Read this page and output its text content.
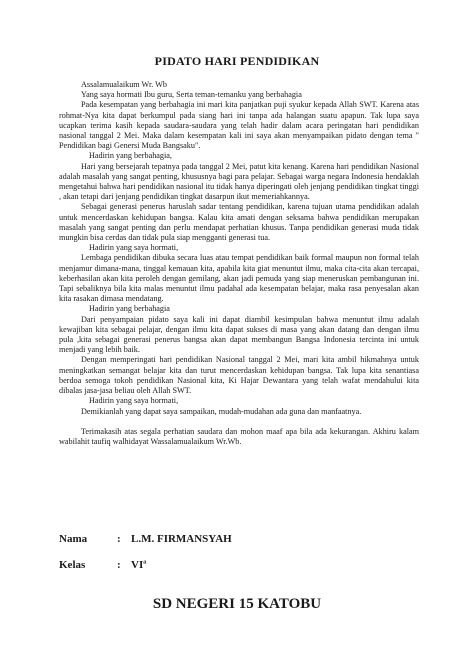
PIDATO HARI PENDIDIKAN

Assalamualaikum Wr. Wb

Yang saya hormati Ibu guru, Serta teman-temanku yang berbahagia

Pada kesempatan yang berbahagia ini mari kita panjatkan puji syukur kepada Allah SWT. Karena atas rohmat-Nya kita dapat berkumpul pada siang hari ini tanpa ada halangan suatu apapun. Tak lupa saya ucapkan terima kasih kepada saudara-saudara yang telah hadir dalam acara peringatan hari pendidikan nasional tanggal 2 Mei. Maka dalam kesempatan kali ini saya akan menyampaikan pidato dengan tema " Pendidikan bagi Genersi Muda Bangsaku".

Hadirin yang berbahagia,

Hari yang bersejarah tepatnya pada tanggal 2 Mei, patut kita kenang. Karena hari pendidikan Nasional adalah masalah yang sangat penting, khususnya bagi para pelajar. Sebagai warga negara Indonesia hendaklah mengetahui bahwa hari pendidikan nasional itu tidak hanya diperingati oleh jenjang pendidikan tingkat tinggi , akan tetapi dari jenjang pendidikan tingkat dasarpun ikut memeriahkannya.

Sebagai generasi penerus haruslah sadar tentang pendidikan, karena tujuan utama pendidikan adalah untuk mencerdaskan kehidupan bangsa. Kalau kita amati dengan seksama bahwa pendidikan merupakan masalah yang sangat penting dan perlu mendapat perhatian khusus. Tanpa pendidikan generasi muda tidak mungkin bisa cerdas dan tidak pula siap mengganti generasi tua.

Hadirin yang saya hormati,

Lembaga pendidikan dibuka secara luas atau tempat pendidikan baik formal maupun non formal telah menjamur dimana-mana, tinggal kemauan kita, apabila kita giat menuntut ilmu, maka cita-cita akan tercapai, keberhasilan akan kita peroleh dengan gemilang, akan jadi pemuda yang siap meneruskan pembangunan ini. Tapi sebaliknya bila kita malas menuntut ilmu padahal ada kesempatan belajar, maka rasa penyesalan akan kita rasakan dimasa mendatang.

Hadirin yang berbahagia

Dari penyampaian pidato saya kali ini dapat diambil kesimpulan bahwa menuntut ilmu adalah kewajiban kita sebagai pelajar, dengan ilmu kita dapat sukses di masa yang akan datang dan dengan ilmu pula ,kita sebagai generasi penerus bangsa akan dapat membangun Bangsa Indonesia tercinta ini untuk menjadi yang lebih baik.

Dengan memperingati hari pendidikan Nasional tanggal 2 Mei, mari kita ambil hikmahnya untuk meningkatkan semangat belajar kita dan turut mencerdaskan kehidupan bangsa. Tak lupa kita senantiasa berdoa semoga tokoh pendidikan Nasional kita, Ki Hajar Dewantara yang telah wafat mendahului kita dibalas jasa-jasa beliau oleh Allah SWT.

Hadirin yang saya hormati,

Demikianlah yang dapat saya sampaikan, mudah-mudahan ada guna dan manfaatnya.

Terimakasih atas segala perhatian saudara dan mohon maaf apa bila ada kekurangan. Akhiru kalam wabilahit taufiq walhidayat Wassalamualaikum Wr.Wb.

Nama	: L.M. FIRMANSYAH
Kelas	: $VI^a$
SD NEGERI 15 KATOBU
